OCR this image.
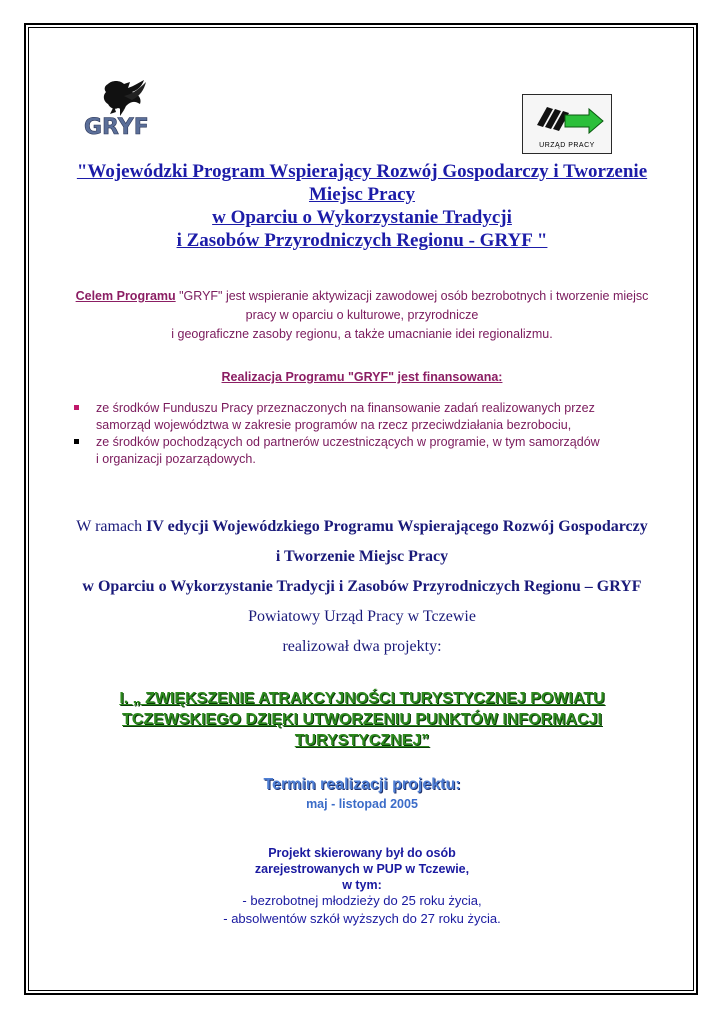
GRYF
URZĄD PRACY
"Wojewódzki Program Wspierający Rozwój Gospodarczy i Tworzenie
Miejsc Pracy
w Oparciu o Wykorzystanie Tradycji
i Zasobów Przyrodniczych Regionu - GRYF "
Celem Programu "GRYF" jest wspieranie aktywizacji zawodowej osób bezrobotnych i tworzenie miejsc
pracy w oparciu o kulturowe, przyrodnicze
i geograficzne zasoby regionu, a także umacnianie idei regionalizmu.
Realizacja Programu "GRYF" jest finansowana:
ze środków Funduszu Pracy przeznaczonych na finansowanie zadań realizowanych przez
samorząd województwa w zakresie programów na rzecz przeciwdziałania bezrobociu,
ze środków pochodzących od partnerów uczestniczących w programie, w tym samorządów
i organizacji pozarządowych.
W ramach IV edycji Wojewódzkiego Programu Wspierającego Rozwój Gospodarczy
i Tworzenie Miejsc Pracy
w Oparciu o Wykorzystanie Tradycji i Zasobów Przyrodniczych Regionu – GRYF
Powiatowy Urząd Pracy w Tczewie
realizował dwa projekty:
I. „ ZWIĘKSZENIE ATRAKCYJNOŚCI TURYSTYCZNEJ POWIATU
TCZEWSKIEGO DZIĘKI UTWORZENIU PUNKTÓW INFORMACJI
TURYSTYCZNEJ”
Termin realizacji projektu:
maj - listopad 2005
Projekt skierowany był do osób
zarejestrowanych w PUP w Tczewie,
w tym:
- bezrobotnej młodzieży do 25 roku życia,
- absolwentów szkół wyższych do 27 roku życia.
